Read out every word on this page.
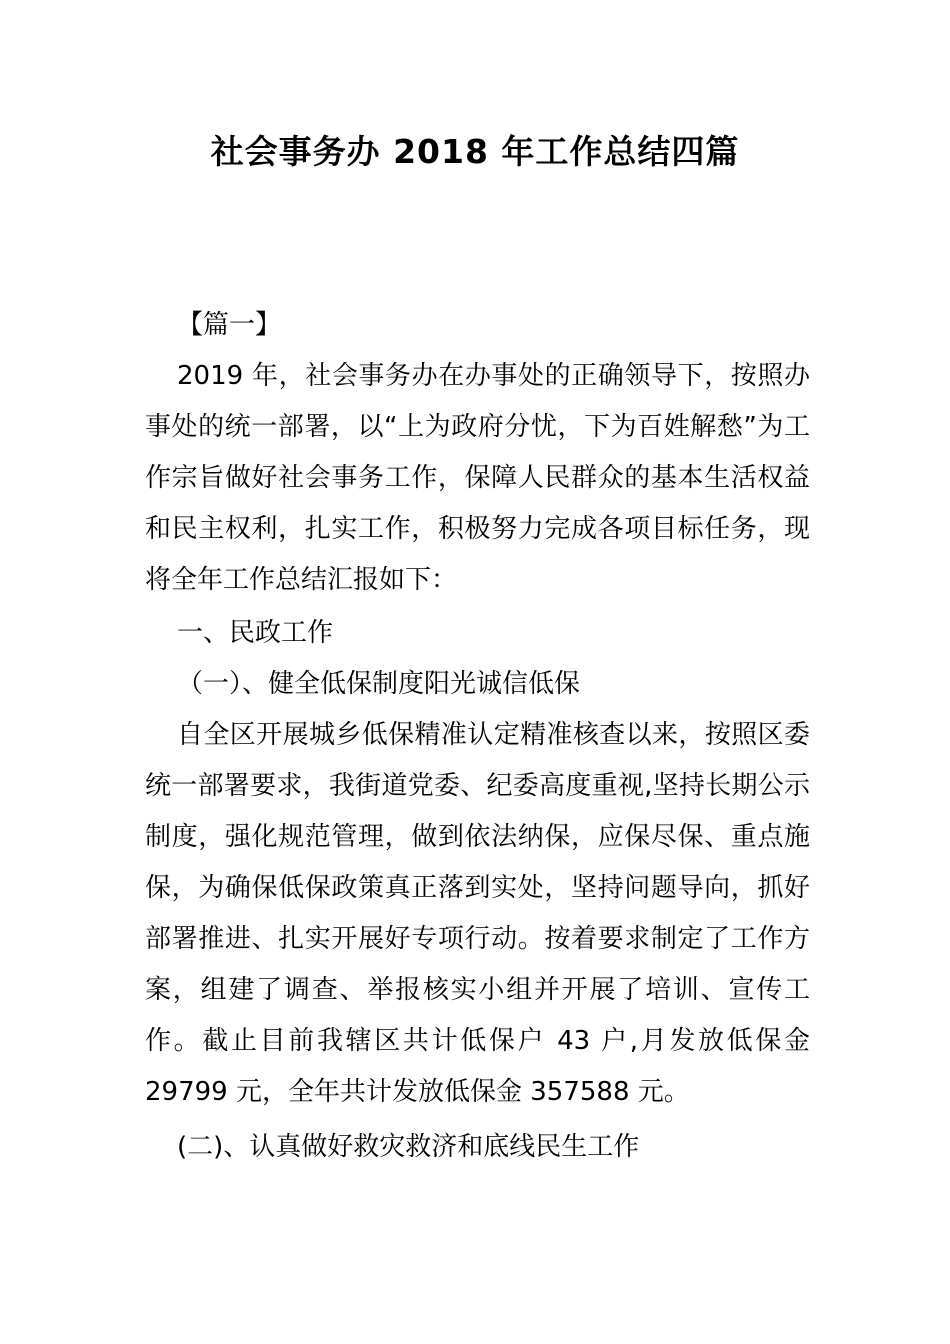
社会事务办 2018 年工作总结四篇

【篇一】

2019 年，社会事务办在办事处的正确领导下，按照办事处的统一部署，以“上为政府分忧，下为百姓解愁”为工作宗旨做好社会事务工作，保障人民群众的基本生活权益和民主权利，扎实工作，积极努力完成各项目标任务，现将全年工作总结汇报如下：

一、民政工作

（一）、健全低保制度阳光诚信低保

自全区开展城乡低保精准认定精准核查以来，按照区委统一部署要求，我街道党委、纪委高度重视,坚持长期公示制度，强化规范管理，做到依法纳保，应保尽保、重点施保，为确保低保政策真正落到实处，坚持问题导向，抓好部署推进、扎实开展好专项行动。按着要求制定了工作方案，组建了调查、举报核实小组并开展了培训、宣传工作。截止目前我辖区共计低保户 43 户,月发放低保金 29799 元，全年共计发放低保金 357588 元。

(二)、认真做好救灾救济和底线民生工作
